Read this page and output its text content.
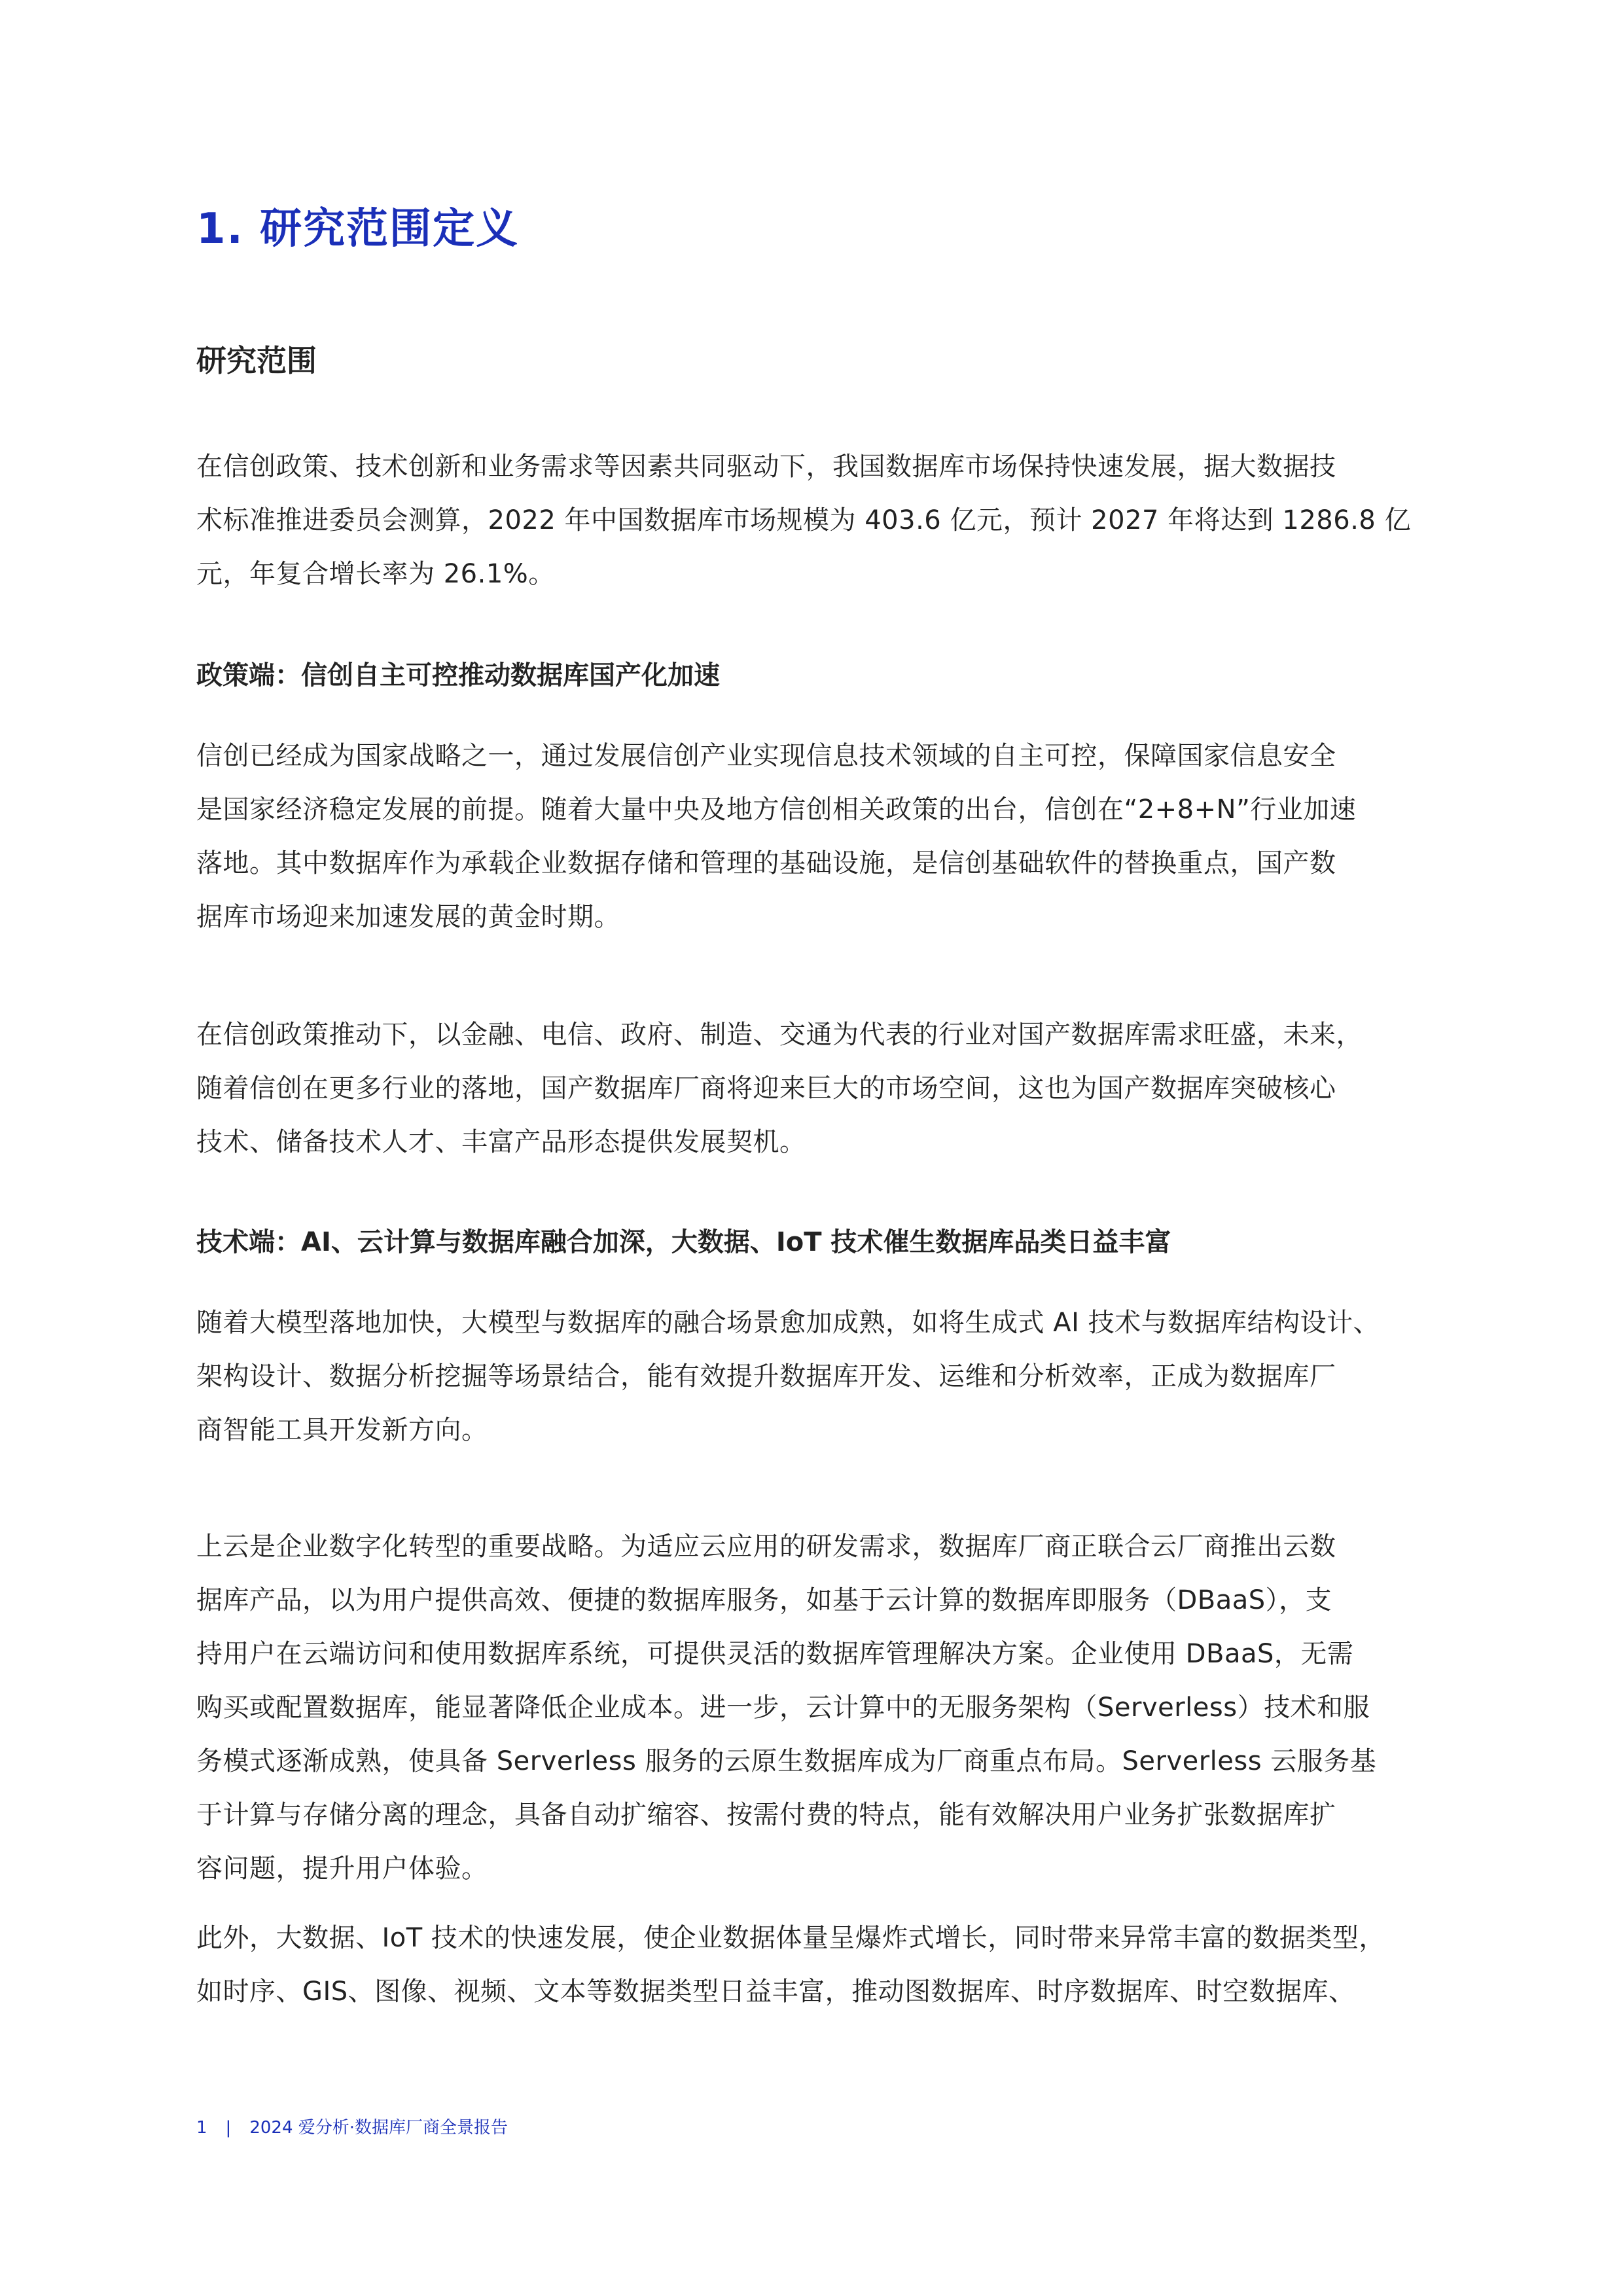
1. 研究范围定义
研究范围

在信创政策、技术创新和业务需求等因素共同驱动下，我国数据库市场保持快速发展，据大数据技
术标准推进委员会测算，2022 年中国数据库市场规模为 403.6 亿元，预计 2027 年将达到 1286.8 亿
元，年复合增长率为 26.1%。

政策端：信创自主可控推动数据库国产化加速

信创已经成为国家战略之一，通过发展信创产业实现信息技术领域的自主可控，保障国家信息安全
是国家经济稳定发展的前提。随着大量中央及地方信创相关政策的出台，信创在“2+8+N”行业加速
落地。其中数据库作为承载企业数据存储和管理的基础设施，是信创基础软件的替换重点，国产数
据库市场迎来加速发展的黄金时期。

在信创政策推动下，以金融、电信、政府、制造、交通为代表的行业对国产数据库需求旺盛，未来，
随着信创在更多行业的落地，国产数据库厂商将迎来巨大的市场空间，这也为国产数据库突破核心
技术、储备技术人才、丰富产品形态提供发展契机。

技术端：AI、云计算与数据库融合加深，大数据、IoT 技术催生数据库品类日益丰富

随着大模型落地加快，大模型与数据库的融合场景愈加成熟，如将生成式 AI 技术与数据库结构设计、
架构设计、数据分析挖掘等场景结合，能有效提升数据库开发、运维和分析效率，正成为数据库厂
商智能工具开发新方向。

上云是企业数字化转型的重要战略。为适应云应用的研发需求，数据库厂商正联合云厂商推出云数
据库产品，以为用户提供高效、便捷的数据库服务，如基于云计算的数据库即服务（DBaaS），支
持用户在云端访问和使用数据库系统，可提供灵活的数据库管理解决方案。企业使用 DBaaS，无需
购买或配置数据库，能显著降低企业成本。进一步，云计算中的无服务架构（Serverless）技术和服
务模式逐渐成熟，使具备 Serverless 服务的云原生数据库成为厂商重点布局。Serverless 云服务基
于计算与存储分离的理念，具备自动扩缩容、按需付费的特点，能有效解决用户业务扩张数据库扩
容问题，提升用户体验。

此外，大数据、IoT 技术的快速发展，使企业数据体量呈爆炸式增长，同时带来异常丰富的数据类型，
如时序、GIS、图像、视频、文本等数据类型日益丰富，推动图数据库、时序数据库、时空数据库、

1 | 2024 爱分析·数据库厂商全景报告
